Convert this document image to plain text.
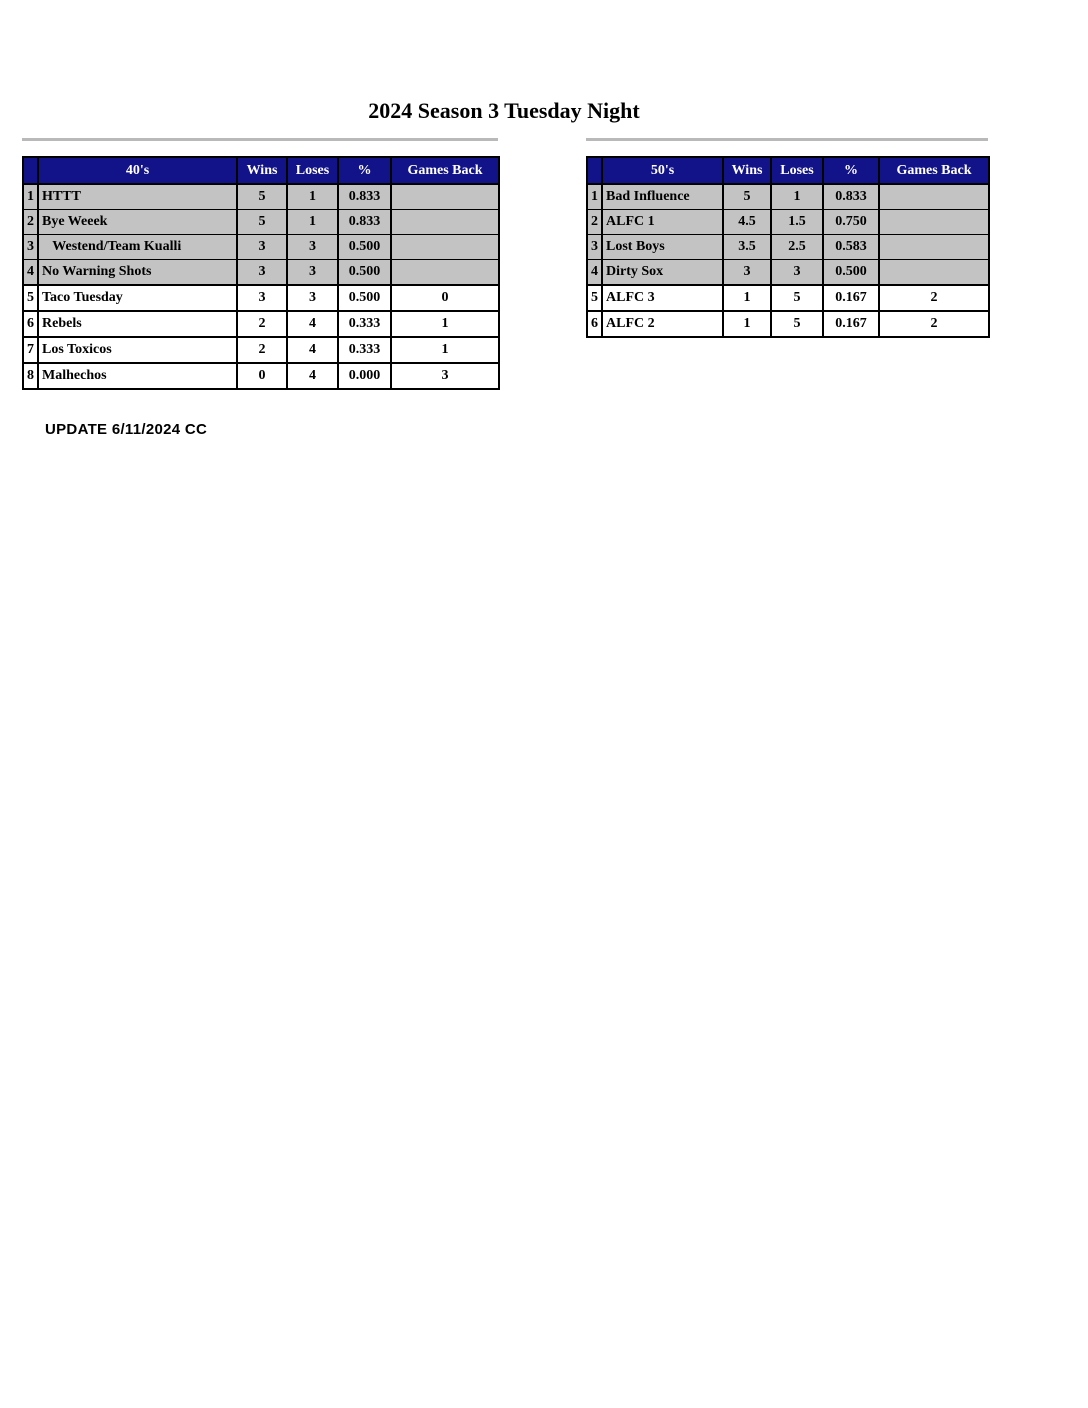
2024 Season 3 Tuesday Night
	40's	Wins	Loses	%	Games Back
1	HTTT	5	1	0.833	
2	Bye Weeek	5	1	0.833	
3	Westend/Team Kualli	3	3	0.500	
4	No Warning Shots	3	3	0.500	
5	Taco Tuesday	3	3	0.500	0
6	Rebels	2	4	0.333	1
7	Los Toxicos	2	4	0.333	1
8	Malhechos	0	4	0.000	3
	50's	Wins	Loses	%	Games Back
1	Bad Influence	5	1	0.833	
2	ALFC 1	4.5	1.5	0.750	
3	Lost Boys	3.5	2.5	0.583	
4	Dirty Sox	3	3	0.500	
5	ALFC 3	1	5	0.167	2
6	ALFC 2	1	5	0.167	2
UPDATE 6/11/2024 CC
